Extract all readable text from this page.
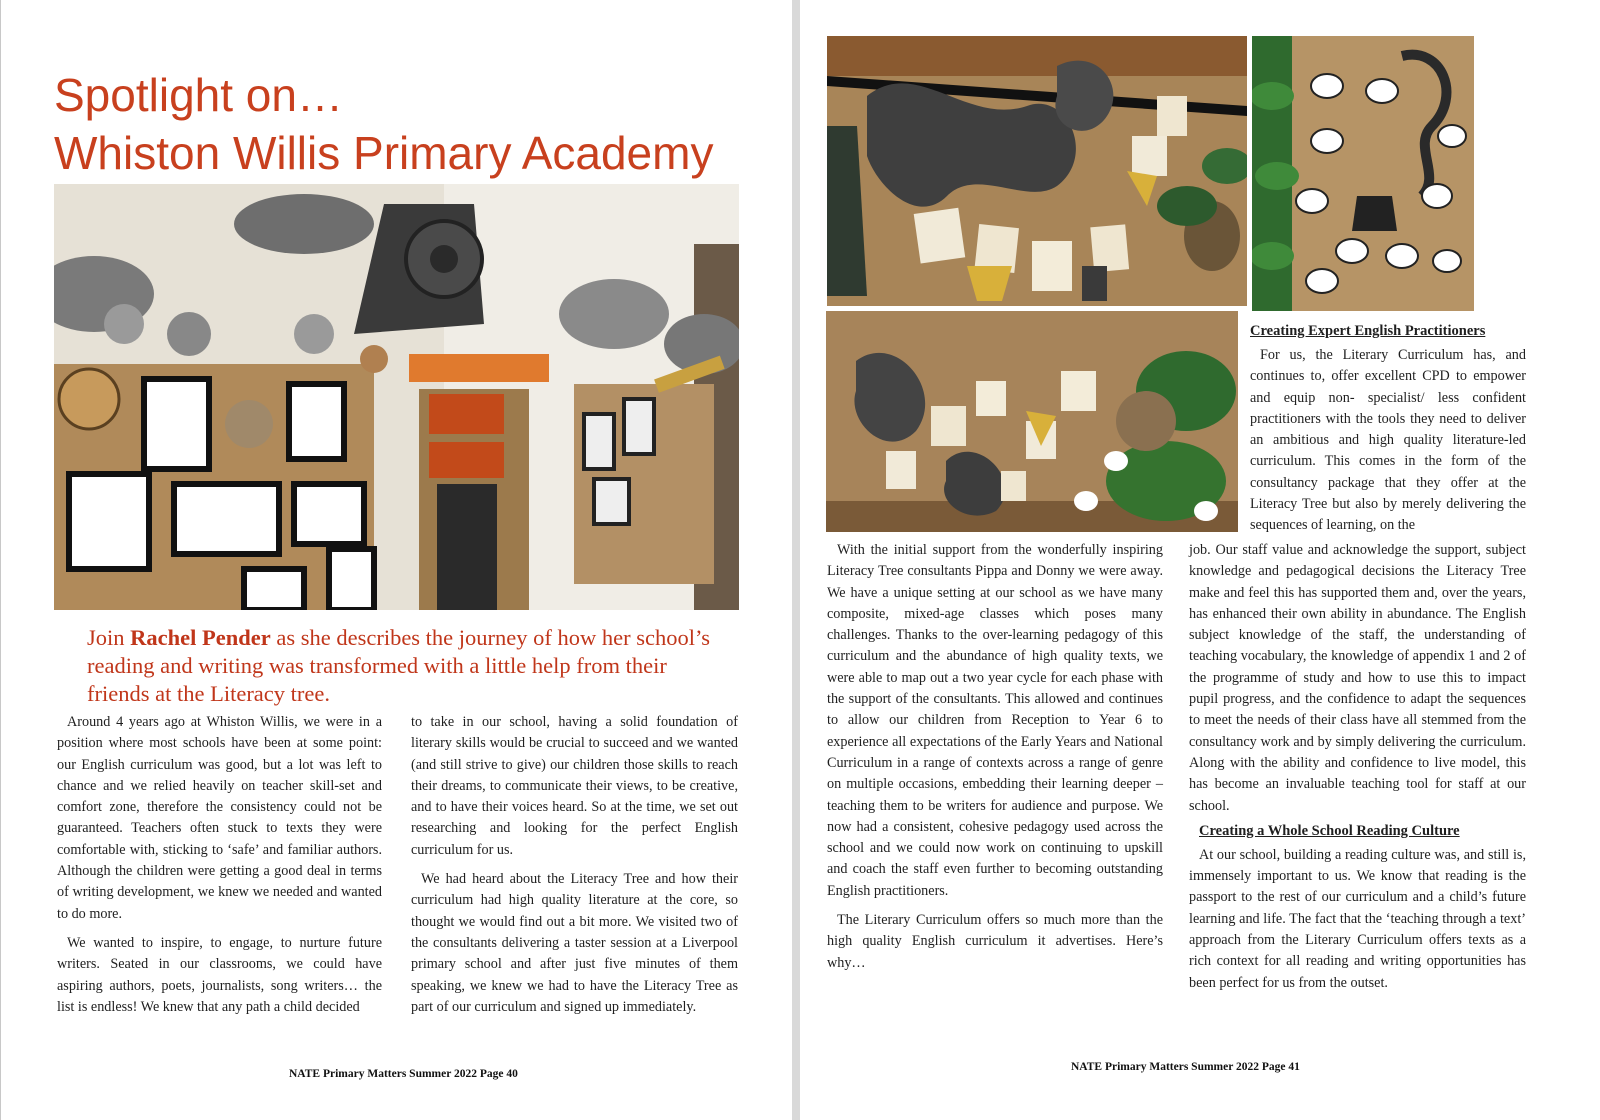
Spotlight on…
Whiston Willis Primary Academy
Join Rachel Pender as she describes the journey of how her school’s reading and writing was transformed with a little help from their friends at the Literacy tree.

Around 4 years ago at Whiston Willis, we were in a position where most schools have been at some point: our English curriculum was good, but a lot was left to chance and we relied heavily on teacher skill-set and comfort zone, therefore the consistency could not be guaranteed. Teachers often stuck to texts they were comfortable with, sticking to ‘safe’ and familiar authors. Although the children were getting a good deal in terms of writing development, we knew we needed and wanted to do more.

We wanted to inspire, to engage, to nurture future writers. Seated in our classrooms, we could have aspiring authors, poets, journalists, song writers… the list is endless! We knew that any path a child decided

to take in our school, having a solid foundation of literary skills would be crucial to succeed and we wanted (and still strive to give) our children those skills to reach their dreams, to communicate their views, to be creative, and to have their voices heard. So at the time, we set out researching and looking for the perfect English curriculum for us.

We had heard about the Literacy Tree and how their curriculum had high quality literature at the core, so thought we would find out a bit more. We visited two of the consultants delivering a taster session at a Liverpool primary school and after just five minutes of them speaking, we knew we had to have the Literacy Tree as part of our curriculum and signed up immediately.

NATE Primary Matters Summer 2022 Page 40

With the initial support from the wonderfully inspiring Literacy Tree consultants Pippa and Donny we were away. We have a unique setting at our school as we have many composite, mixed-age classes which poses many challenges. Thanks to the over-learning pedagogy of this curriculum and the abundance of high quality texts, we were able to map out a two year cycle for each phase with the support of the consultants. This allowed and continues to allow our children from Reception to Year 6 to experience all expectations of the Early Years and National Curriculum in a range of contexts across a range of genre on multiple occasions, embedding their learning deeper – teaching them to be writers for audience and purpose. We now had a consistent, cohesive pedagogy used across the school and we could now work on continuing to upskill and coach the staff even further to becoming outstanding English practitioners.

The Literary Curriculum offers so much more than the high quality English curriculum it advertises. Here’s why…

Creating Expert English Practitioners

For us, the Literary Curriculum has, and continues to, offer excellent CPD to empower and equip non- specialist/ less confident practitioners with the tools they need to deliver an ambitious and high quality literature-led curriculum. This comes in the form of the consultancy package that they offer at the Literacy Tree but also by merely delivering the sequences of learning, on the

job. Our staff value and acknowledge the support, subject knowledge and pedagogical decisions the Literacy Tree make and feel this has supported them and, over the years, has enhanced their own ability in abundance. The English subject knowledge of the staff, the understanding of teaching vocabulary, the knowledge of appendix 1 and 2 of the programme of study and how to use this to impact pupil progress, and the confidence to adapt the sequences to meet the needs of their class have all stemmed from the consultancy work and by simply delivering the curriculum. Along with the ability and confidence to live model, this has become an invaluable teaching tool for staff at our school.

Creating a Whole School Reading Culture

At our school, building a reading culture was, and still is, immensely important to us. We know that reading is the passport to the rest of our curriculum and a child’s future learning and life. The fact that the ‘teaching through a text’ approach from the Literary Curriculum offers texts as a rich context for all reading and writing opportunities has been perfect for us from the outset.

NATE Primary Matters Summer 2022 Page 41
